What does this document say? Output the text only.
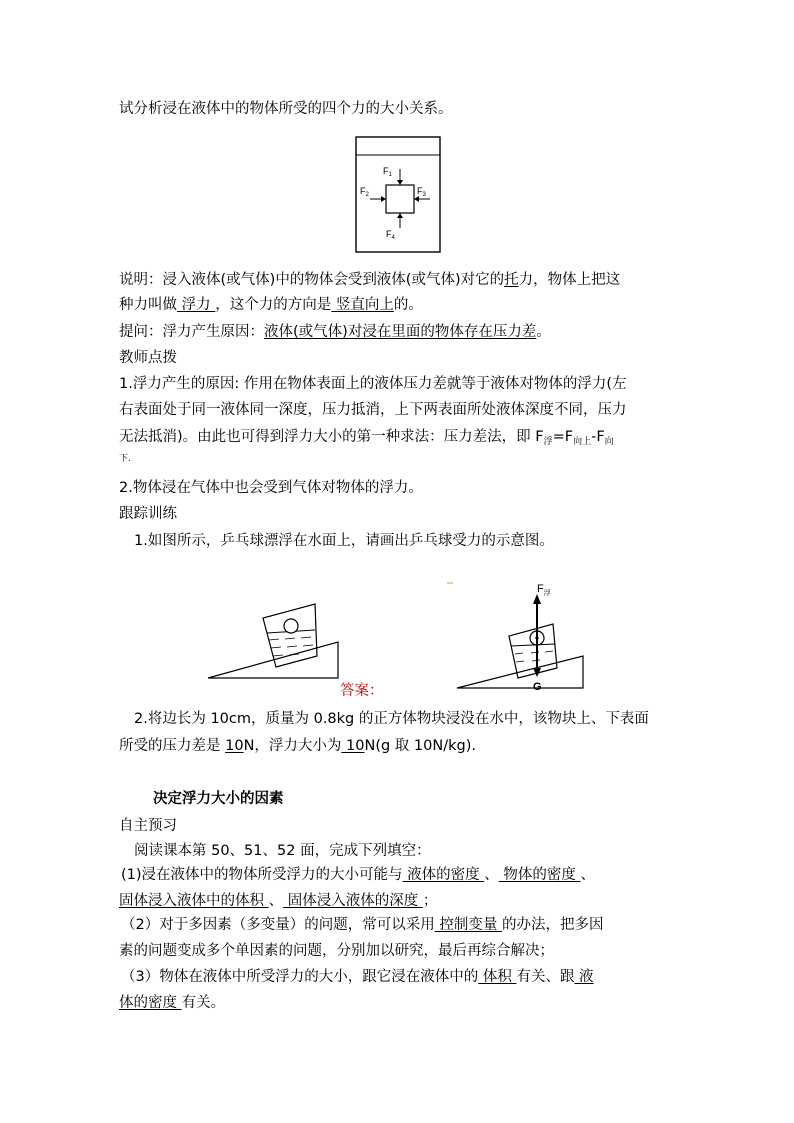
试分析浸在液体中的物体所受的四个力的大小关系。
$F_1$
$F_2$	$F_3$
$F_4$
说明：浸入液体(或气体)中的物体会受到液体(或气体)对它的托力，物体上把这
种力叫做 浮力 ，这个力的方向是 竖直向上的。
提问：浮力产生原因：液体(或气体)对浸在里面的物体存在压力差。
教师点拨
1.浮力产生的原因: 作用在物体表面上的液体压力差就等于液体对物体的浮力(左
右表面处于同一液体同一深度，压力抵消，上下两表面所处液体深度不同，压力
无法抵消)。由此也可得到浮力大小的第一种求法：压力差法，即 $F_浮=F_{向上}-F_向$
下.
2.物体浸在气体中也会受到气体对物体的浮力。
跟踪训练
1.如图所示，乒乓球漂浮在水面上，请画出乒乓球受力的示意图。
答案：
$F_浮$
G
2.将边长为 10cm，质量为 0.8kg 的正方体物块浸没在水中，该物块上、下表面
所受的压力差是 10N，浮力大小为 10N(g 取 10N/kg).
决定浮力大小的因素
自主预习
阅读课本第 50、51、52 面，完成下列填空：
(1)浸在液体中的物体所受浮力的大小可能与 液体的密度 、 物体的密度 、
固体浸入液体中的体积 、 固体浸入液体的深度 ；
（2）对于多因素（多变量）的问题，常可以采用 控制变量 的办法，把多因
素的问题变成多个单因素的问题，分别加以研究，最后再综合解决；
（3）物体在液体中所受浮力的大小，跟它浸在液体中的 体积 有关、跟 液
体的密度 有关。
